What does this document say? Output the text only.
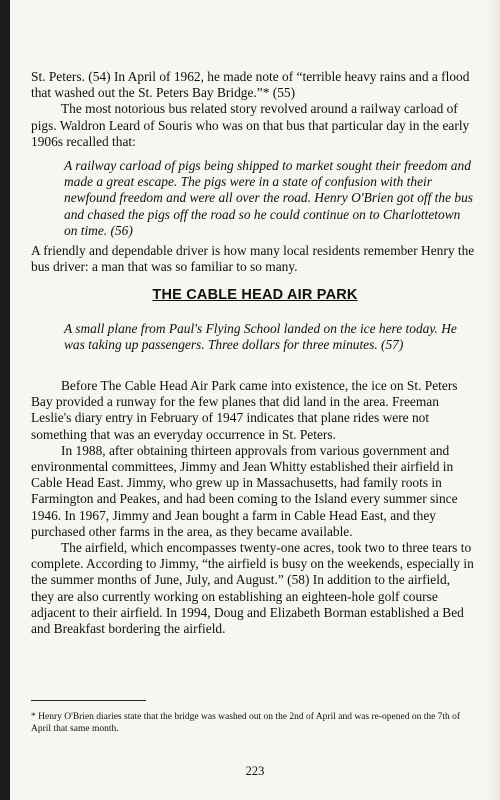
St. Peters. (54) In April of 1962, he made note of “terrible heavy rains and a flood that washed out the St. Peters Bay Bridge.”* (55)

The most notorious bus related story revolved around a railway carload of pigs. Waldron Leard of Souris who was on that bus that particular day in the early 1906s recalled that:

A railway carload of pigs being shipped to market sought their freedom and made a great escape. The pigs were in a state of confusion with their newfound freedom and were all over the road. Henry O'Brien got off the bus and chased the pigs off the road so he could continue on to Charlottetown on time. (56)

A friendly and dependable driver is how many local residents remember Henry the bus driver: a man that was so familiar to so many.

THE CABLE HEAD AIR PARK
A small plane from Paul's Flying School landed on the ice here today. He was taking up passengers. Three dollars for three minutes. (57)

Before The Cable Head Air Park came into existence, the ice on St. Peters Bay provided a runway for the few planes that did land in the area. Freeman Leslie's diary entry in February of 1947 indicates that plane rides were not something that was an everyday occurrence in St. Peters.

In 1988, after obtaining thirteen approvals from various government and environmental committees, Jimmy and Jean Whitty established their airfield in Cable Head East. Jimmy, who grew up in Massachusetts, had family roots in Farmington and Peakes, and had been coming to the Island every summer since 1946. In 1967, Jimmy and Jean bought a farm in Cable Head East, and they purchased other farms in the area, as they became available.

The airfield, which encompasses twenty-one acres, took two to three tears to complete. According to Jimmy, “the airfield is busy on the weekends, especially in the summer months of June, July, and August.” (58) In addition to the airfield, they are also currently working on establishing an eighteen-hole golf course adjacent to their airfield. In 1994, Doug and Elizabeth Borman established a Bed and Breakfast bordering the airfield.

* Henry O'Brien diaries state that the bridge was washed out on the 2nd of April and was re-opened on the 7th of April that same month.
223
